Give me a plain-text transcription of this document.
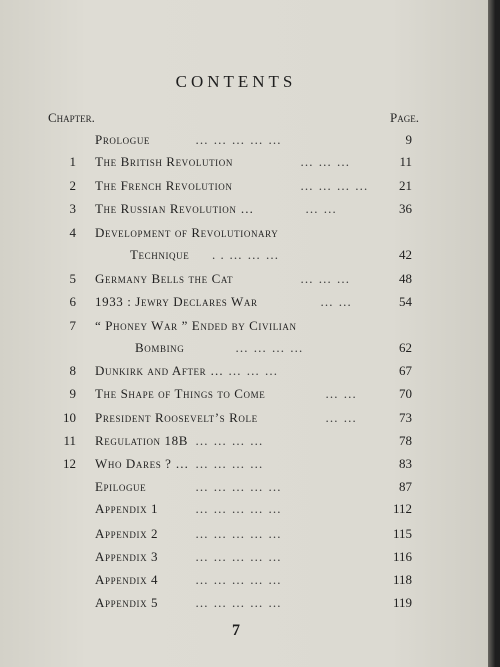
CONTENTS
Chapter.	Page.
Prologue	… … … … …	9
1 The British Revolution	… … …	11
2 The French Revolution	… … … …	21
3 The Russian Revolution …	… …	36
4 Development of Revolutionary
Technique . . … … …	42
5 Germany Bells the Cat	… … …	48
6 1933 : Jewry Declares War	… …	54
7 “ Phoney War ” Ended by Civilian
Bombing	… … … …	62
8 Dunkirk and After … … … …	67
9 The Shape of Things to Come	… …	70
10 President Roosevelt’s Role	… …	73
11 Regulation 18B … … … …	78
12 Who Dares ? … … … … …	83
Epilogue	… … … … …	87
Appendix 1	… … … … …	112
Appendix 2	… … … … …	115
Appendix 3	… … … … …	116
Appendix 4	… … … … …	118
Appendix 5	… … … … …	119
7
